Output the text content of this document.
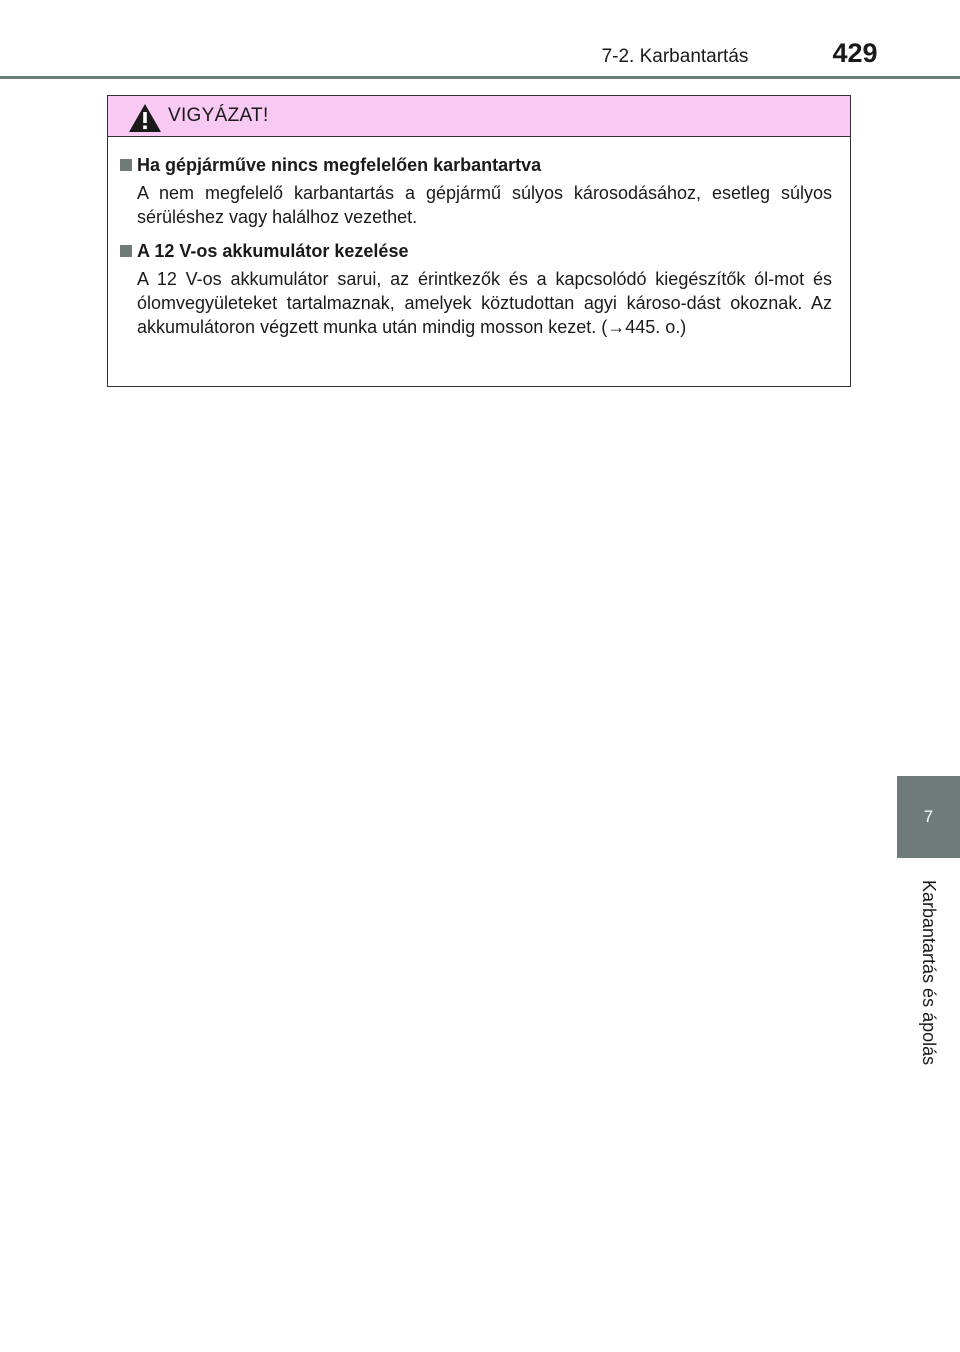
7-2. Karbantartás	429
VIGYÁZAT!
Ha gépjárműve nincs megfelelően karbantartva
A nem megfelelő karbantartás a gépjármű súlyos károsodásához, esetleg súlyos sérüléshez vagy halálhoz vezethet.
A 12 V-os akkumulátor kezelése
A 12 V-os akkumulátor sarui, az érintkezők és a kapcsolódó kiegészítők ól-mot és ólomvegyületeket tartalmaznak, amelyek köztudottan agyi károso-dást okoznak. Az akkumulátoron végzett munka után mindig mosson kezet. (→445. o.)
7
Karbantartás és ápolás
